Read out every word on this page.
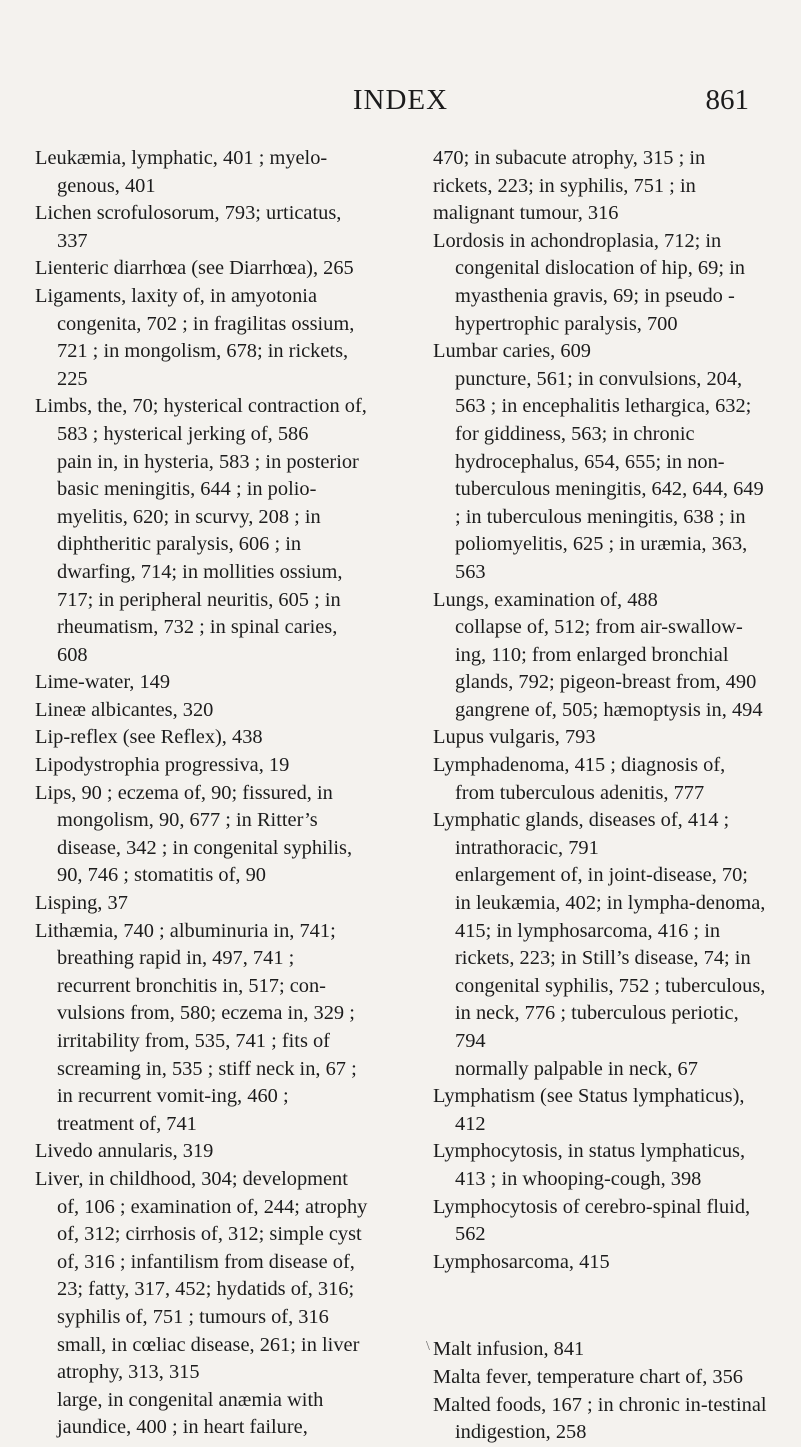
INDEX	861

Leukæmia, lymphatic, 401 ; myelo-genous, 401

Lichen scrofulosorum, 793; urticatus, 337

Lienteric diarrhœa (see Diarrhœa), 265

Ligaments, laxity of, in amyotonia congenita, 702 ; in fragilitas ossium, 721 ; in mongolism, 678; in rickets, 225

Limbs, the, 70; hysterical contraction of, 583 ; hysterical jerking of, 586

pain in, in hysteria, 583 ; in posterior basic meningitis, 644 ; in polio-myelitis, 620; in scurvy, 208 ; in diphtheritic paralysis, 606 ; in dwarfing, 714; in mollities ossium, 717; in peripheral neuritis, 605 ; in rheumatism, 732 ; in spinal caries, 608

Lime-water, 149

Lineæ albicantes, 320

Lip-reflex (see Reflex), 438

Lipodystrophia progressiva, 19

Lips, 90 ; eczema of, 90; fissured, in mongolism, 90, 677 ; in Ritter’s disease, 342 ; in congenital syphilis, 90, 746 ; stomatitis of, 90

Lisping, 37

Lithæmia, 740 ; albuminuria in, 741; breathing rapid in, 497, 741 ; recurrent bronchitis in, 517; con-vulsions from, 580; eczema in, 329 ; irritability from, 535, 741 ; fits of screaming in, 535 ; stiff neck in, 67 ; in recurrent vomit-ing, 460 ; treatment of, 741

Livedo annularis, 319

Liver, in childhood, 304; development of, 106 ; examination of, 244; atrophy of, 312; cirrhosis of, 312; simple cyst of, 316 ; infantilism from disease of, 23; fatty, 317, 452; hydatids of, 316; syphilis of, 751 ; tumours of, 316

small, in cœliac disease, 261; in liver atrophy, 313, 315

large, in congenital anæmia with jaundice, 400 ; in heart failure,

470; in subacute atrophy, 315 ; in rickets, 223; in syphilis, 751 ; in malignant tumour, 316

Lordosis in achondroplasia, 712; in congenital dislocation of hip, 69; in myasthenia gravis, 69; in pseudo - hypertrophic paralysis, 700

Lumbar caries, 609

puncture, 561; in convulsions, 204, 563 ; in encephalitis lethargica, 632; for giddiness, 563; in chronic hydrocephalus, 654, 655; in non-tuberculous meningitis, 642, 644, 649 ; in tuberculous meningitis, 638 ; in poliomyelitis, 625 ; in uræmia, 363, 563

Lungs, examination of, 488

collapse of, 512; from air-swallow-ing, 110; from enlarged bronchial glands, 792; pigeon-breast from, 490

gangrene of, 505; hæmoptysis in, 494

Lupus vulgaris, 793

Lymphadenoma, 415 ; diagnosis of, from tuberculous adenitis, 777

Lymphatic glands, diseases of, 414 ; intrathoracic, 791

enlargement of, in joint-disease, 70; in leukæmia, 402; in lympha-denoma, 415; in lymphosarcoma, 416 ; in rickets, 223; in Still’s disease, 74; in congenital syphilis, 752 ; tuberculous, in neck, 776 ; tuberculous periotic, 794

normally palpable in neck, 67

Lymphatism (see Status lymphaticus), 412

Lymphocytosis, in status lymphaticus, 413 ; in whooping-cough, 398

Lymphocytosis of cerebro-spinal fluid, 562

Lymphosarcoma, 415

Malt infusion, 841

Malta fever, temperature chart of, 356

Malted foods, 167 ; in chronic in-testinal indigestion, 258

\
